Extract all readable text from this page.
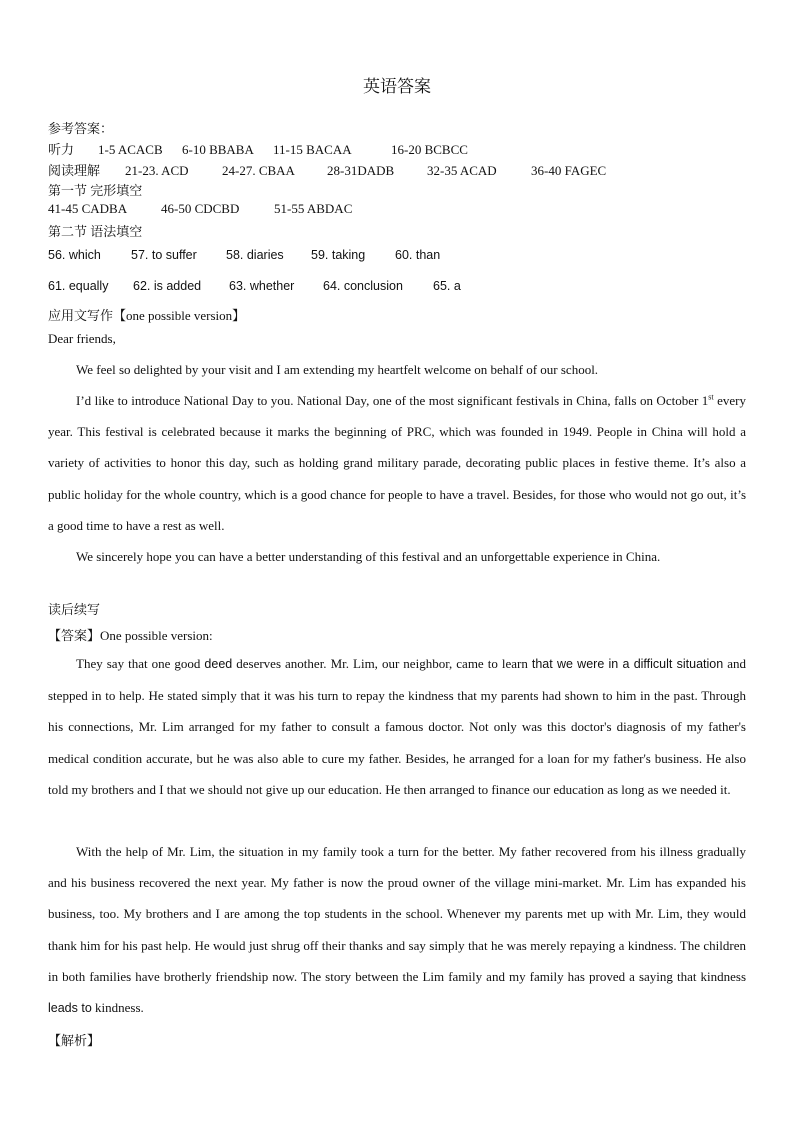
英语答案
参考答案：
听力 1-5 ACACB 6-10 BBABA 11-15 BACAA	16-20 BCBCC
阅读理解 21-23. ACD	24-27. CBAA 28-31DADB	32-35 ACAD	36-40 FAGEC
第一节 完形填空
41-45 CADBA	46-50 CDCBD	51-55 ABDAC
第二节 语法填空
56. which 57. to suffer 58. diaries 59. taking 60. than
61. equally 62. is added 63. whether 64. conclusion 65. a
应用文写作【one possible version】
Dear friends,
We feel so delighted by your visit and I am extending my heartfelt welcome on behalf of our school.
I’d like to introduce National Day to you. National Day, one of the most significant festivals in China, falls on October 1st every year. This festival is celebrated because it marks the beginning of PRC, which was founded in 1949. People in China will hold a variety of activities to honor this day, such as holding grand military parade, decorating public places in festive theme. It’s also a public holiday for the whole country, which is a good chance for people to have a travel. Besides, for those who would not go out, it’s a good time to have a rest as well.
We sincerely hope you can have a better understanding of this festival and an unforgettable experience in China.
读后续写
【答案】One possible version:
They say that one good deed deserves another. Mr. Lim, our neighbor, came to learn that we were in a difficult situation and stepped in to help. He stated simply that it was his turn to repay the kindness that my parents had shown to him in the past. Through his connections, Mr. Lim arranged for my father to consult a famous doctor. Not only was this doctor's diagnosis of my father's medical condition accurate, but he was also able to cure my father. Besides, he arranged for a loan for my father's business. He also told my brothers and I that we should not give up our education. He then arranged to finance our education as long as we needed it.
With the help of Mr. Lim, the situation in my family took a turn for the better. My father recovered from his illness gradually and his business recovered the next year. My father is now the proud owner of the village mini-market. Mr. Lim has expanded his business, too. My brothers and I are among the top students in the school. Whenever my parents met up with Mr. Lim, they would thank him for his past help. He would just shrug off their thanks and say simply that he was merely repaying a kindness. The children in both families have brotherly friendship now. The story between the Lim family and my family has proved a saying that kindness leads to kindness.
【解析】
